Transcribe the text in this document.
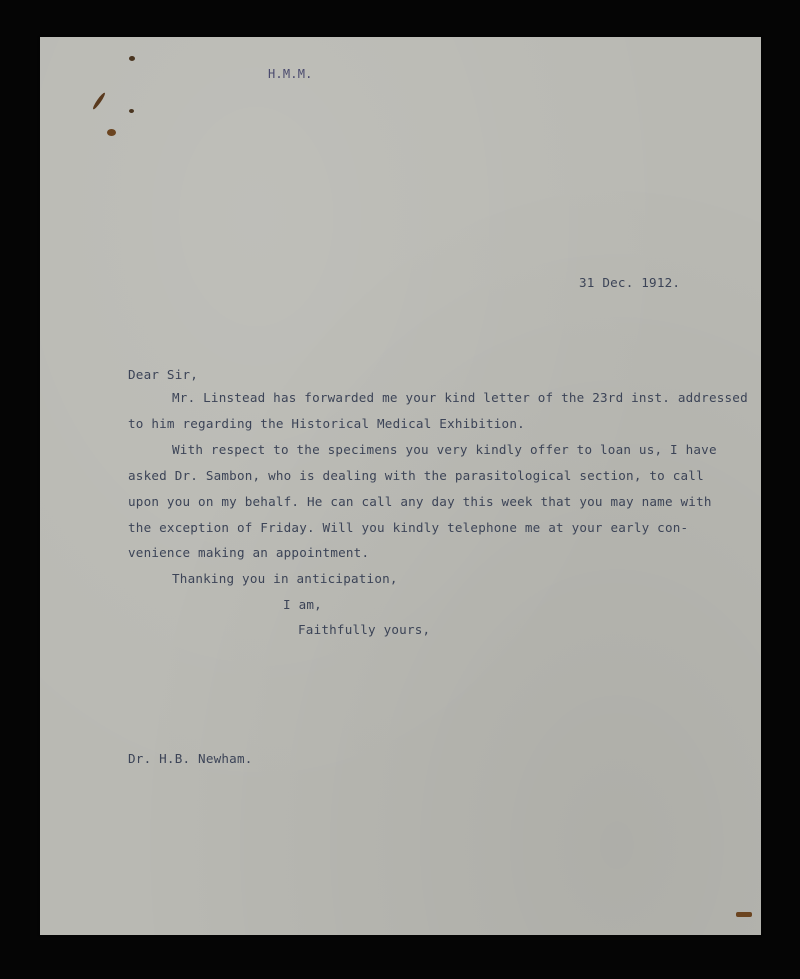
H.M.M.
31 Dec. 1912.
Dear Sir,
Mr. Linstead has forwarded me your kind letter of the 23rd inst. addressed
to him regarding the Historical Medical Exhibition.
With respect to the specimens you very kindly offer to loan us, I have
asked Dr. Sambon, who is dealing with the parasitological section, to call
upon you on my behalf. He can call any day this week that you may name with
the exception of Friday. Will you kindly telephone me at your early con-
venience making an appointment.
Thanking you in anticipation,
I am,
Faithfully yours,
Dr. H.B. Newham.
